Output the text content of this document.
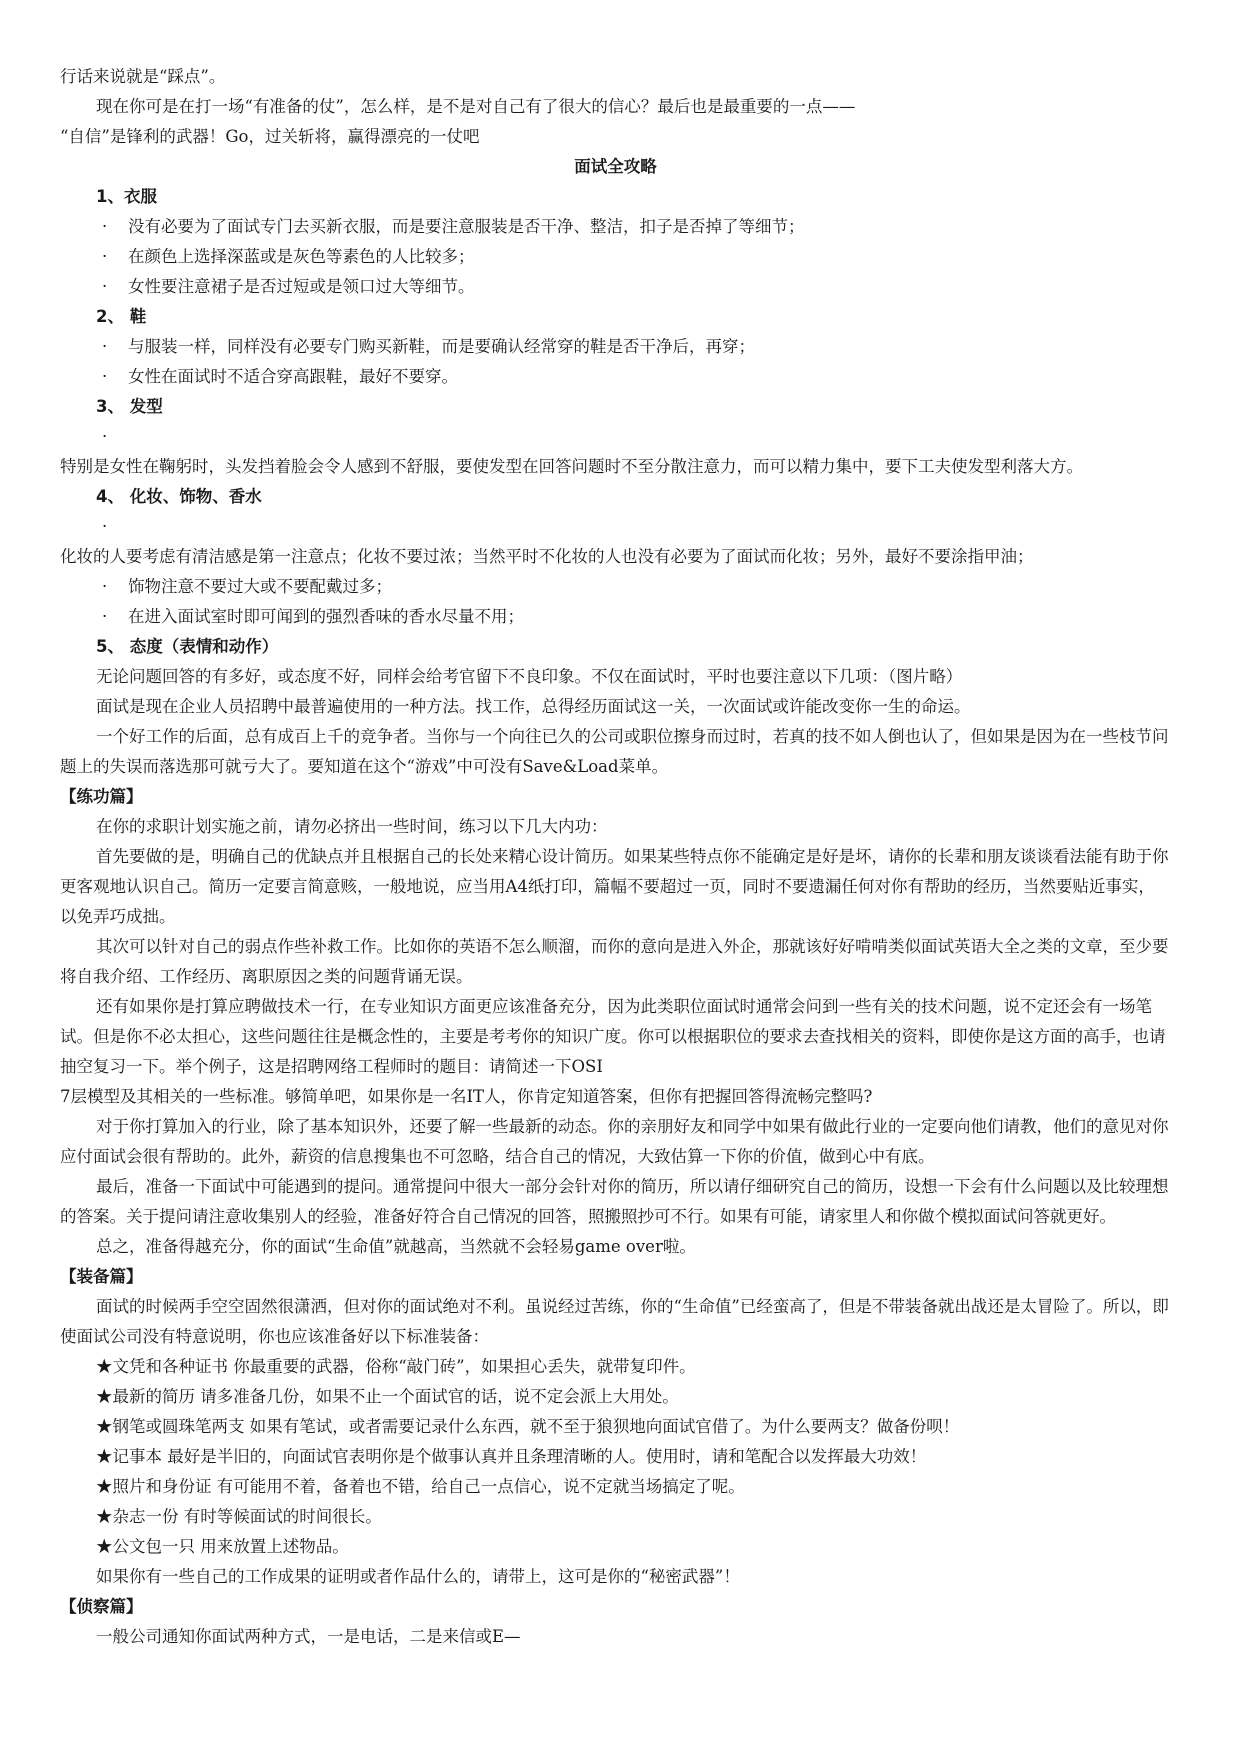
行话来说就是“踩点”。

现在你可是在打一场“有准备的仗”，怎么样，是不是对自己有了很大的信心？最后也是最重要的一点——

“自信”是锋利的武器！Go，过关斩将，赢得漂亮的一仗吧

面试全攻略

1、衣服

· 没有必要为了面试专门去买新衣服，而是要注意服装是否干净、整洁，扣子是否掉了等细节；

· 在颜色上选择深蓝或是灰色等素色的人比较多；

· 女性要注意裙子是否过短或是领口过大等细节。

2、 鞋

· 与服装一样，同样没有必要专门购买新鞋，而是要确认经常穿的鞋是否干净后，再穿；

· 女性在面试时不适合穿高跟鞋，最好不要穿。

3、 发型

·

特别是女性在鞠躬时，头发挡着脸会令人感到不舒服，要使发型在回答问题时不至分散注意力，而可以精力集中，要下工夫使发型利落大方。

4、 化妆、饰物、香水

·

化妆的人要考虑有清洁感是第一注意点；化妆不要过浓；当然平时不化妆的人也没有必要为了面试而化妆；另外，最好不要涂指甲油；

· 饰物注意不要过大或不要配戴过多；

· 在进入面试室时即可闻到的强烈香味的香水尽量不用；

5、 态度（表情和动作）

无论问题回答的有多好，或态度不好，同样会给考官留下不良印象。不仅在面试时，平时也要注意以下几项：（图片略）

面试是现在企业人员招聘中最普遍使用的一种方法。找工作，总得经历面试这一关，一次面试或许能改变你一生的命运。

一个好工作的后面，总有成百上千的竞争者。当你与一个向往已久的公司或职位擦身而过时，若真的技不如人倒也认了，但如果是因为在一些枝节问题上的失误而落选那可就亏大了。要知道在这个“游戏”中可没有Save&Load菜单。

【练功篇】

在你的求职计划实施之前，请勿必挤出一些时间，练习以下几大内功：

首先要做的是，明确自己的优缺点并且根据自己的长处来精心设计简历。如果某些特点你不能确定是好是坏，请你的长辈和朋友谈谈看法能有助于你更客观地认识自己。简历一定要言简意赅，一般地说，应当用A4纸打印，篇幅不要超过一页，同时不要遗漏任何对你有帮助的经历，当然要贴近事实，以免弄巧成拙。

其次可以针对自己的弱点作些补救工作。比如你的英语不怎么顺溜，而你的意向是进入外企，那就该好好啃啃类似面试英语大全之类的文章，至少要将自我介绍、工作经历、离职原因之类的问题背诵无误。

还有如果你是打算应聘做技术一行，在专业知识方面更应该准备充分，因为此类职位面试时通常会问到一些有关的技术问题，说不定还会有一场笔试。但是你不必太担心，这些问题往往是概念性的，主要是考考你的知识广度。你可以根据职位的要求去查找相关的资料，即使你是这方面的高手，也请抽空复习一下。举个例子，这是招聘网络工程师时的题目：请简述一下OSI

7层模型及其相关的一些标准。够简单吧，如果你是一名IT人，你肯定知道答案，但你有把握回答得流畅完整吗?

对于你打算加入的行业，除了基本知识外，还要了解一些最新的动态。你的亲朋好友和同学中如果有做此行业的一定要向他们请教，他们的意见对你应付面试会很有帮助的。此外，薪资的信息搜集也不可忽略，结合自己的情况，大致估算一下你的价值，做到心中有底。

最后，准备一下面试中可能遇到的提问。通常提问中很大一部分会针对你的简历，所以请仔细研究自己的简历，设想一下会有什么问题以及比较理想的答案。关于提问请注意收集别人的经验，准备好符合自己情况的回答，照搬照抄可不行。如果有可能，请家里人和你做个模拟面试问答就更好。

总之，准备得越充分，你的面试“生命值”就越高，当然就不会轻易game over啦。

【装备篇】

面试的时候两手空空固然很潇洒，但对你的面试绝对不利。虽说经过苦练，你的“生命值”已经蛮高了，但是不带装备就出战还是太冒险了。所以，即使面试公司没有特意说明，你也应该准备好以下标准装备：

★文凭和各种证书 你最重要的武器，俗称“敲门砖”，如果担心丢失，就带复印件。

★最新的简历 请多准备几份，如果不止一个面试官的话，说不定会派上大用处。

★钢笔或圆珠笔两支 如果有笔试，或者需要记录什么东西，就不至于狼狈地向面试官借了。为什么要两支？做备份呗！

★记事本 最好是半旧的，向面试官表明你是个做事认真并且条理清晰的人。使用时，请和笔配合以发挥最大功效！

★照片和身份证 有可能用不着，备着也不错，给自己一点信心，说不定就当场搞定了呢。

★杂志一份 有时等候面试的时间很长。

★公文包一只 用来放置上述物品。

如果你有一些自己的工作成果的证明或者作品什么的，请带上，这可是你的“秘密武器”！

【侦察篇】

一般公司通知你面试两种方式，一是电话，二是来信或E—
